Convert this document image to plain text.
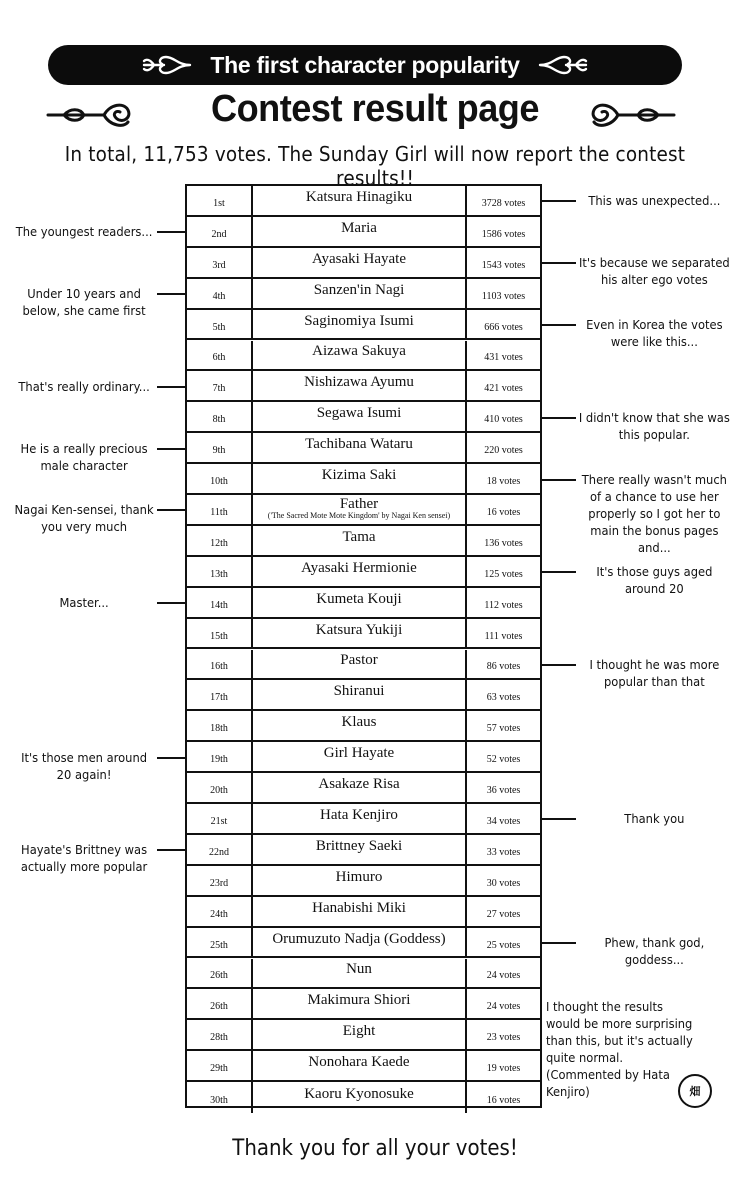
The first character popularity
Contest result page
In total, 11,753 votes. The Sunday Girl will now report the contest results!!
1st	Katsura Hinagiku	3728 votes
2nd	Maria	1586 votes
3rd	Ayasaki Hayate	1543 votes
4th	Sanzen'in Nagi	1103 votes
5th	Saginomiya Isumi	666 votes
6th	Aizawa Sakuya	431 votes
7th	Nishizawa Ayumu	421 votes
8th	Segawa Isumi	410 votes
9th	Tachibana Wataru	220 votes
10th	Kizima Saki	18 votes
11th	Father
('The Sacred Mote Mote Kingdom' by Nagai Ken sensei)	16 votes
12th	Tama	136 votes
13th	Ayasaki Hermionie	125 votes
14th	Kumeta Kouji	112 votes
15th	Katsura Yukiji	111 votes
16th	Pastor	86 votes
17th	Shiranui	63 votes
18th	Klaus	57 votes
19th	Girl Hayate	52 votes
20th	Asakaze Risa	36 votes
21st	Hata Kenjiro	34 votes
22nd	Brittney Saeki	33 votes
23rd	Himuro	30 votes
24th	Hanabishi Miki	27 votes
25th	Orumuzuto Nadja (Goddess)	25 votes
26th	Nun	24 votes
26th	Makimura Shiori	24 votes
28th	Eight	23 votes
29th	Nonohara Kaede	19 votes
30th	Kaoru Kyonosuke	16 votes
The youngest readers...
Under 10 years and below, she came first
That's really ordinary...
He is a really precious male character
Nagai Ken-sensei, thank you very much
Master...
It's those men around 20 again!
Hayate's Brittney was actually more popular
This was unexpected...
It's because we separated his alter ego votes
Even in Korea the votes were like this...
I didn't know that she was this popular.
There really wasn't much of a chance to use her properly so I got her to main the bonus pages and...
It's those guys aged around 20
I thought he was more popular than that
Thank you
Phew, thank god, goddess...
I thought the results would be more surprising than this, but it's actually quite normal. (Commented by Hata Kenjiro)	畑
Thank you for all your votes!
